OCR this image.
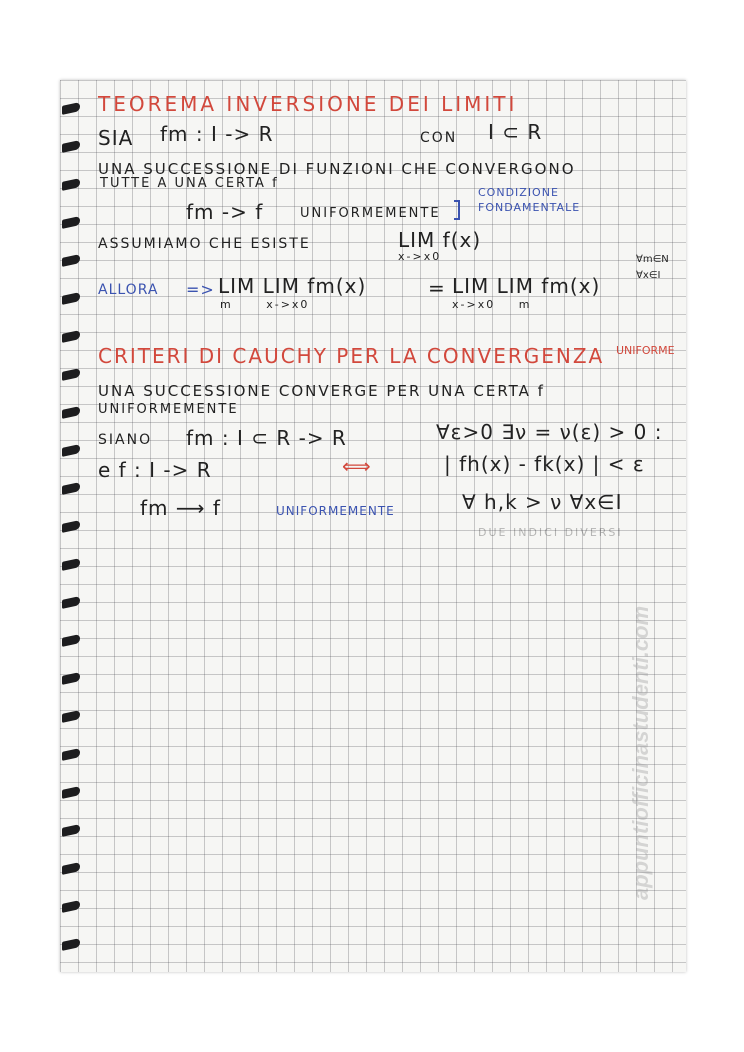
TEOREMA INVERSIONE DEI LIMITI
SIA fm : I -> R	CON I ⊂ R
UNA SUCCESSIONE DI FUNZIONI CHE CONVERGONO
TUTTE A UNA CERTA f
fm -> f	UNIFORMEMENTE
CONDIZIONE
FONDAMENTALE
ASSUMIAMO CHE ESISTE	LIM f(x)
x->x0
ALLORA => LIM LIM fm(x)
m x->x0
= LIM LIM fm(x)
x->x0 m
∀m∈N
∀x∈I
CRITERI DI CAUCHY PER LA CONVERGENZA UNIFORME
UNA SUCCESSIONE CONVERGE PER UNA CERTA f
UNIFORMEMENTE
SIANO fm : I ⊂ R -> R
e f : I -> R
fm ⟶ f	UNIFORMEMENTE
⟺
∀ε>0 ∃ν = ν(ε) > 0 :
| fh(x) - fk(x) | < ε
∀ h,k > ν ∀x∈I
DUE INDICI DIVERSI
appuntiofficinastudenti.com
